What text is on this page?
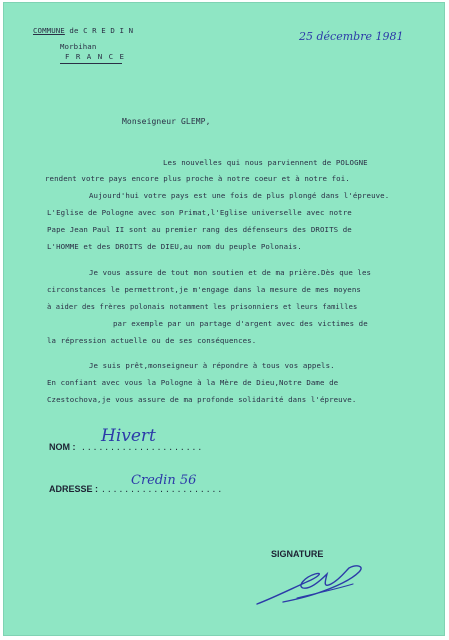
COMMUNE de C R E D I N
Morbihan
F R A N C E
25 décembre 1981
Monseigneur GLEMP,
Les nouvelles qui nous parviennent de POLOGNE
rendent votre pays encore plus proche à notre coeur et à notre foi.
Aujourd'hui votre pays est une fois de plus plongé dans l'épreuve.
L'Eglise de Pologne avec son Primat,l'Eglise universelle avec notre
Pape Jean Paul II sont au premier rang des défenseurs des DROITS de
L'HOMME et des DROITS de DIEU,au nom du peuple Polonais.
Je vous assure de tout mon soutien et de ma prière.Dès que les
circonstances le permettront,je m'engage dans la mesure de mes moyens
à aider des frères polonais notamment les prisonniers et leurs familles
par exemple par un partage d'argent avec des victimes de
la répression actuelle ou de ses conséquences.
Je suis prêt,monseigneur à répondre à tous vos appels.
En confiant avec vous la Pologne à la Mère de Dieu,Notre Dame de
Czestochova,je vous assure de ma profonde solidarité dans l'épreuve.
NOM : .....................
Hivert
ADRESSE : .....................
Credin 56
SIGNATURE
